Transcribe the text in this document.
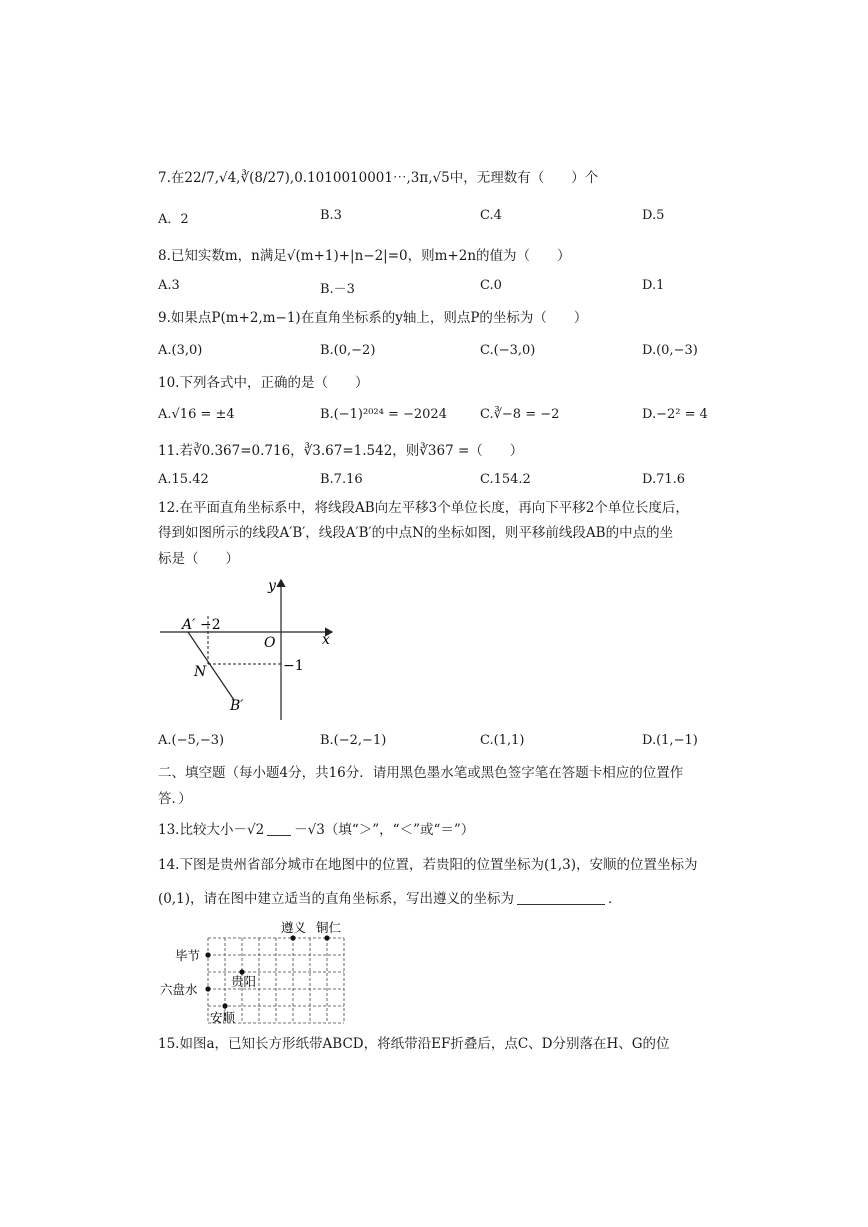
7.在22/7,√4,∛(8/27),0.1010010001⋯,3π,√5中，无理数有（　　）个
A．2	B.3	C.4	D.5
8.已知实数m，n满足√(m+1)+|n−2|=0，则m+2n的值为（　　）
A.3	B.－3	C.0	D.1
9.如果点P(m+2,m−1)在直角坐标系的y轴上，则点P的坐标为（　　）
A.(3,0)	B.(0,−2)	C.(−3,0)	D.(0,−3)
10.下列各式中，正确的是（　　）
A.√16 = ±4	B.(−1)²⁰²⁴ = −2024	C.∛−8 = −2	D.−2² = 4
11.若∛0.367=0.716，∛3.67=1.542，则∛367 =（　　）
A.15.42	B.7.16	C.154.2	D.71.6
12.在平面直角坐标系中，将线段AB向左平移3个单位长度，再向下平移2个单位长度后，
得到如图所示的线段A′B′，线段A′B′的中点N的坐标如图，则平移前线段AB的中点的坐
标是（　　）
y
x
O
A′ −2
−1
N
B′
A.(−5,−3)	B.(−2,−1)	C.(1,1)	D.(1,−1)
二、填空题（每小题4分，共16分．请用黑色墨水笔或黑色签字笔在答题卡相应的位置作
答．）
13.比较大小－√2 －√3（填“＞”，“＜”或“＝”）
14.下图是贵州省部分城市在地图中的位置，若贵阳的位置坐标为(1,3)，安顺的位置坐标为
(0,1)，请在图中建立适当的直角坐标系，写出遵义的坐标为	．
遵义 铜仁
毕节
贵阳
六盘水
安顺
15.如图a，已知长方形纸带ABCD，将纸带沿EF折叠后，点C、D分别落在H、G的位
